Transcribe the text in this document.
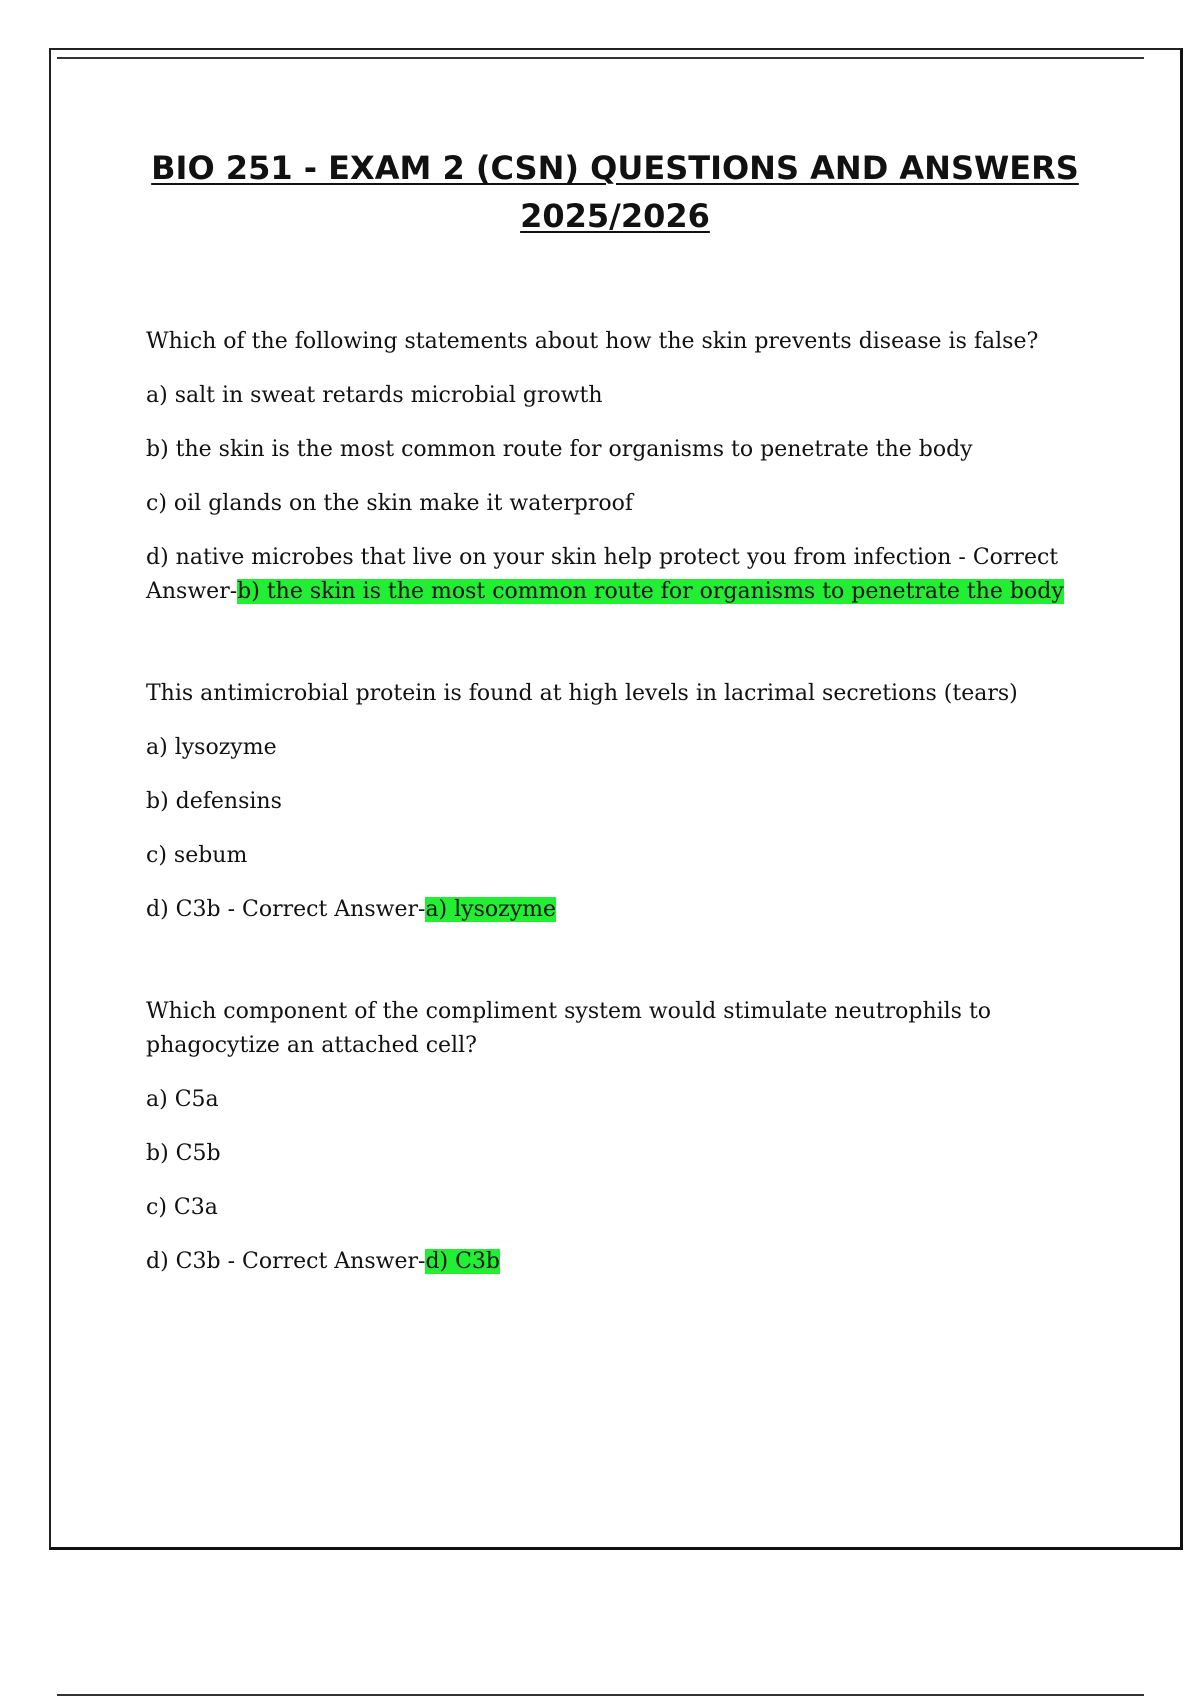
BIO 251 - EXAM 2 (CSN) QUESTIONS AND ANSWERS
2025/2026

Which of the following statements about how the skin prevents disease is false?

a) salt in sweat retards microbial growth

b) the skin is the most common route for organisms to penetrate the body

c) oil glands on the skin make it waterproof

d) native microbes that live on your skin help protect you from infection - Correct Answer-b) the skin is the most common route for organisms to penetrate the body

This antimicrobial protein is found at high levels in lacrimal secretions (tears)

a) lysozyme

b) defensins

c) sebum

d) C3b - Correct Answer-a) lysozyme

Which component of the compliment system would stimulate neutrophils to phagocytize an attached cell?

a) C5a

b) C5b

c) C3a

d) C3b - Correct Answer-d) C3b
